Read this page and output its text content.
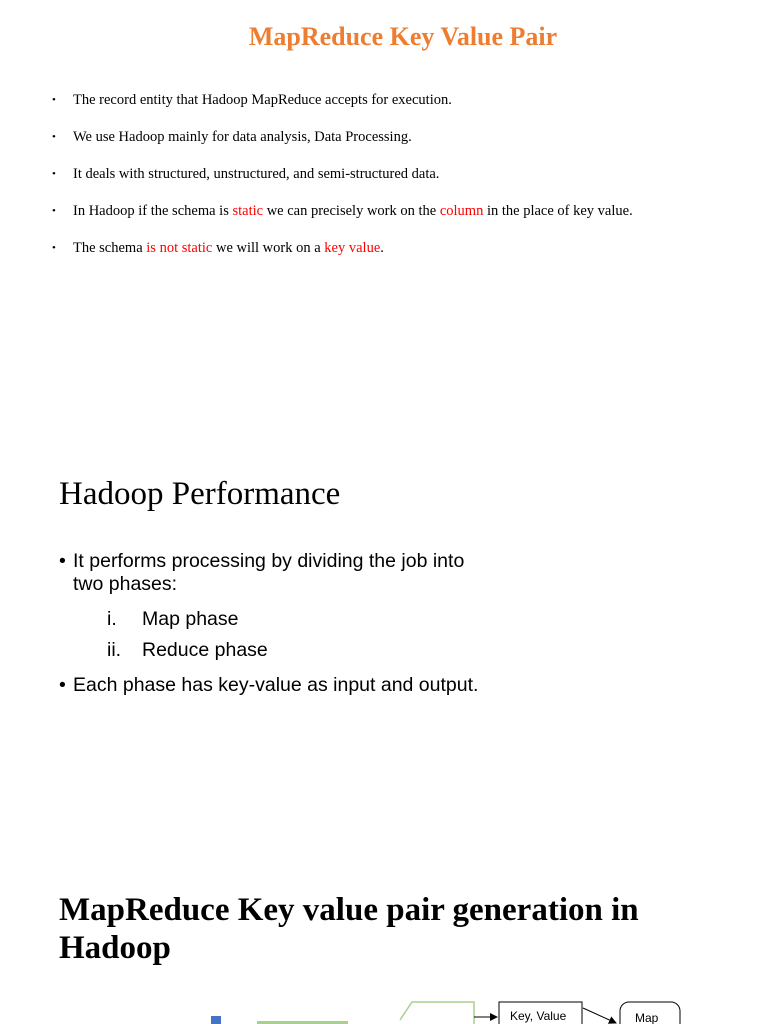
MapReduce Key Value Pair
• The record entity that Hadoop MapReduce accepts for execution.
• We use Hadoop mainly for data analysis, Data Processing.
• It deals with structured, unstructured, and semi-structured data.
• In Hadoop if the schema is static we can precisely work on the column in the place of key value.
• The schema is not static we will work on a key value.
Hadoop Performance
• It performs processing by dividing the job into two phases:
i. Map phase
ii. Reduce phase
• Each phase has key-value as input and output.
MapReduce Key value pair generation in Hadoop
Key, Value	Map
